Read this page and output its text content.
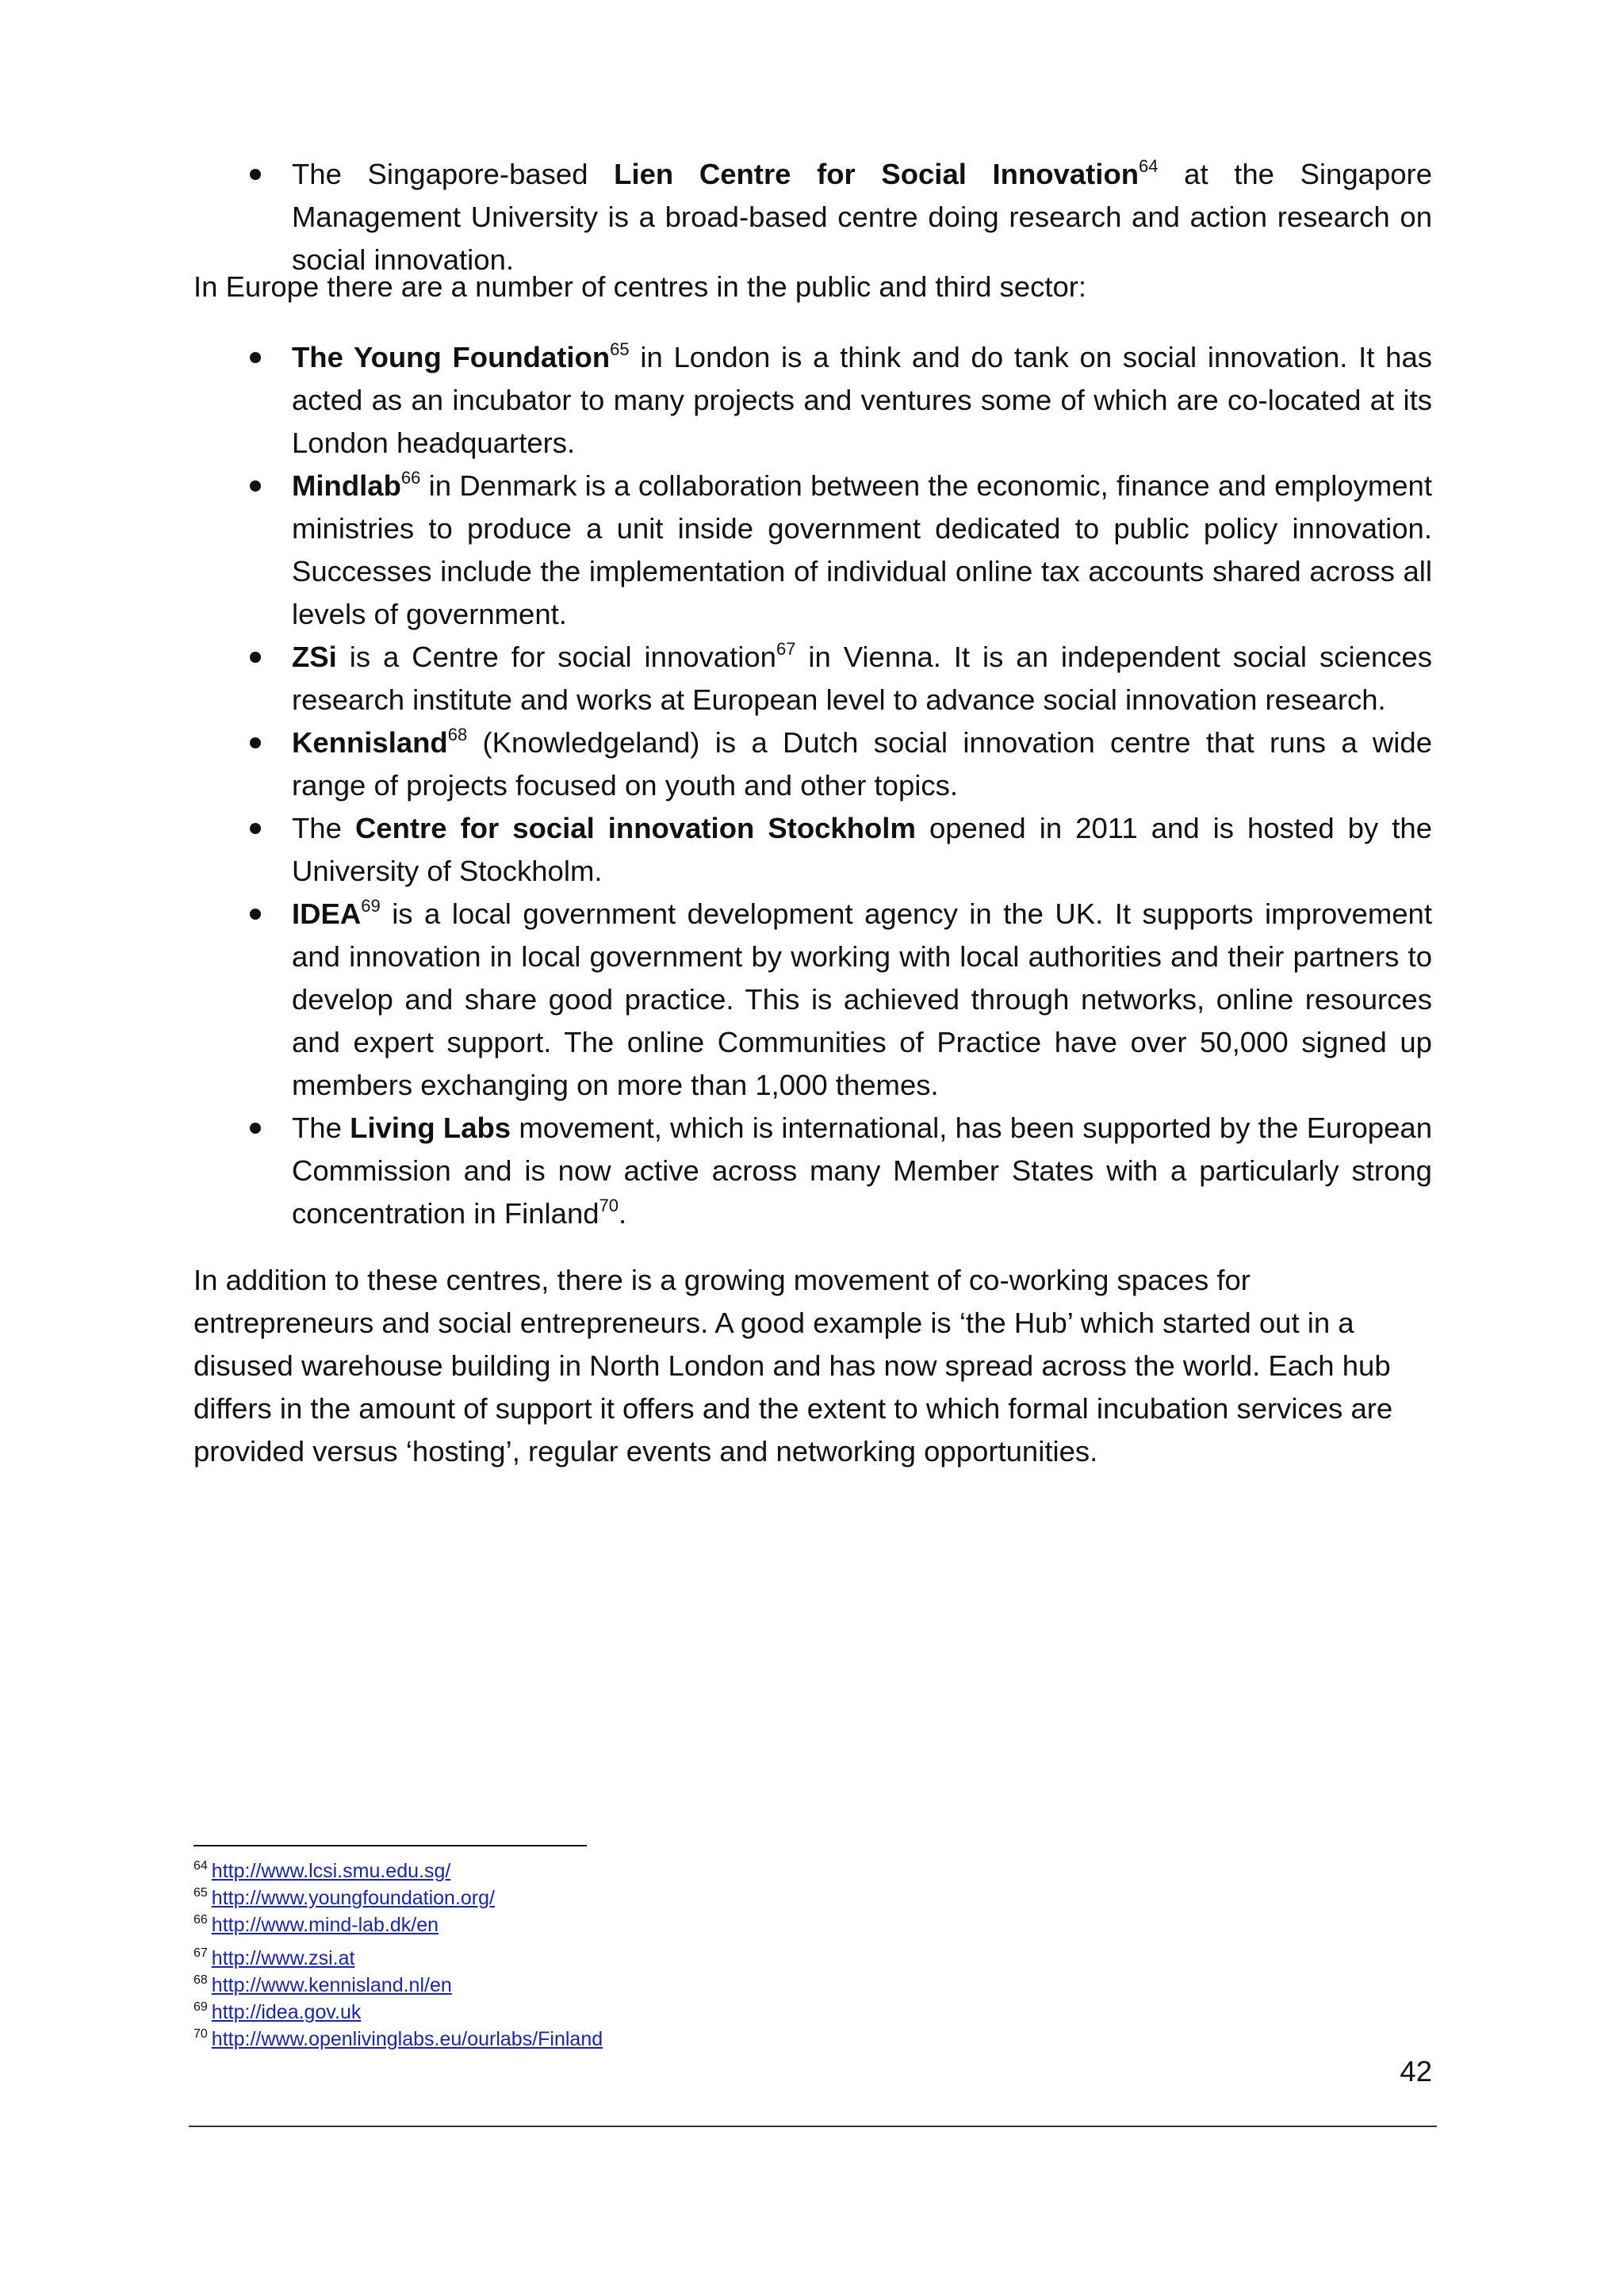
The Singapore-based Lien Centre for Social Innovation$^{64}$ at the Singapore Management University is a broad-based centre doing research and action research on social innovation.

In Europe there are a number of centres in the public and third sector:

The Young Foundation$^{65}$ in London is a think and do tank on social innovation. It has acted as an incubator to many projects and ventures some of which are co-located at its London headquarters.
Mindlab$^{66}$ in Denmark is a collaboration between the economic, finance and employment ministries to produce a unit inside government dedicated to public policy innovation. Successes include the implementation of individual online tax accounts shared across all levels of government.
ZSi is a Centre for social innovation$^{67}$ in Vienna. It is an independent social sciences research institute and works at European level to advance social innovation research.
Kennisland$^{68}$ (Knowledgeland) is a Dutch social innovation centre that runs a wide range of projects focused on youth and other topics.
The Centre for social innovation Stockholm opened in 2011 and is hosted by the University of Stockholm.
IDEA$^{69}$ is a local government development agency in the UK. It supports improvement and innovation in local government by working with local authorities and their partners to develop and share good practice. This is achieved through networks, online resources and expert support. The online Communities of Practice have over 50,000 signed up members exchanging on more than 1,000 themes.
The Living Labs movement, which is international, has been supported by the European Commission and is now active across many Member States with a particularly strong concentration in Finland$^{70}$.

In addition to these centres, there is a growing movement of co-working spaces for entrepreneurs and social entrepreneurs. A good example is ‘the Hub’ which started out in a disused warehouse building in North London and has now spread across the world. Each hub differs in the amount of support it offers and the extent to which formal incubation services are provided versus ‘hosting’, regular events and networking opportunities.

$^{64}$ http://www.lcsi.smu.edu.sg/
$^{65}$ http://www.youngfoundation.org/
$^{66}$ http://www.mind-lab.dk/en
$^{67}$ http://www.zsi.at
$^{68}$ http://www.kennisland.nl/en
$^{69}$ http://idea.gov.uk
$^{70}$ http://www.openlivinglabs.eu/ourlabs/Finland
42
